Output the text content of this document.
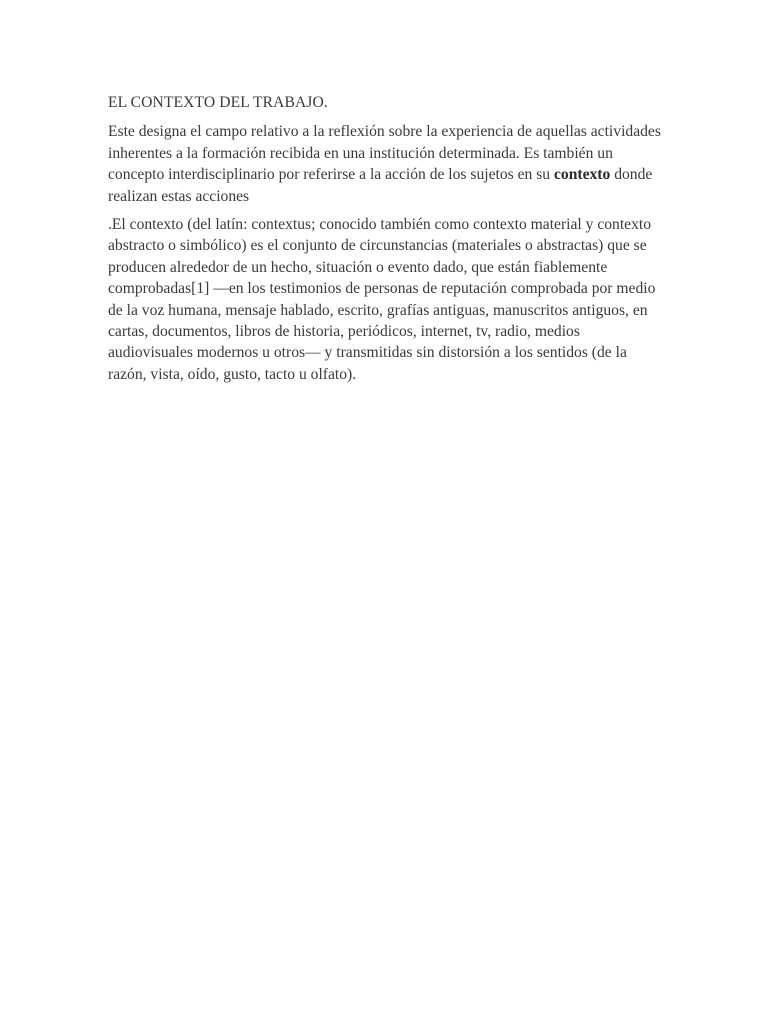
EL CONTEXTO DEL TRABAJO.

Este designa el campo relativo a la reflexión sobre la experiencia de aquellas actividades inherentes a la formación recibida en una institución determinada. Es también un concepto interdisciplinario por referirse a la acción de los sujetos en su contexto donde realizan estas acciones

.El contexto (del latín: contextus; conocido también como contexto material y contexto abstracto o simbólico) es el conjunto de circunstancias (materiales o abstractas) que se producen alrededor de un hecho, situación o evento dado, que están fiablemente comprobadas[1] —en los testimonios de personas de reputación comprobada por medio de la voz humana, mensaje hablado, escrito, grafías antiguas, manuscritos antiguos, en cartas, documentos, libros de historia, periódicos, internet, tv, radio, medios audiovisuales modernos u otros— y transmitidas sin distorsión a los sentidos (de la razón, vista, oído, gusto, tacto u olfato).
